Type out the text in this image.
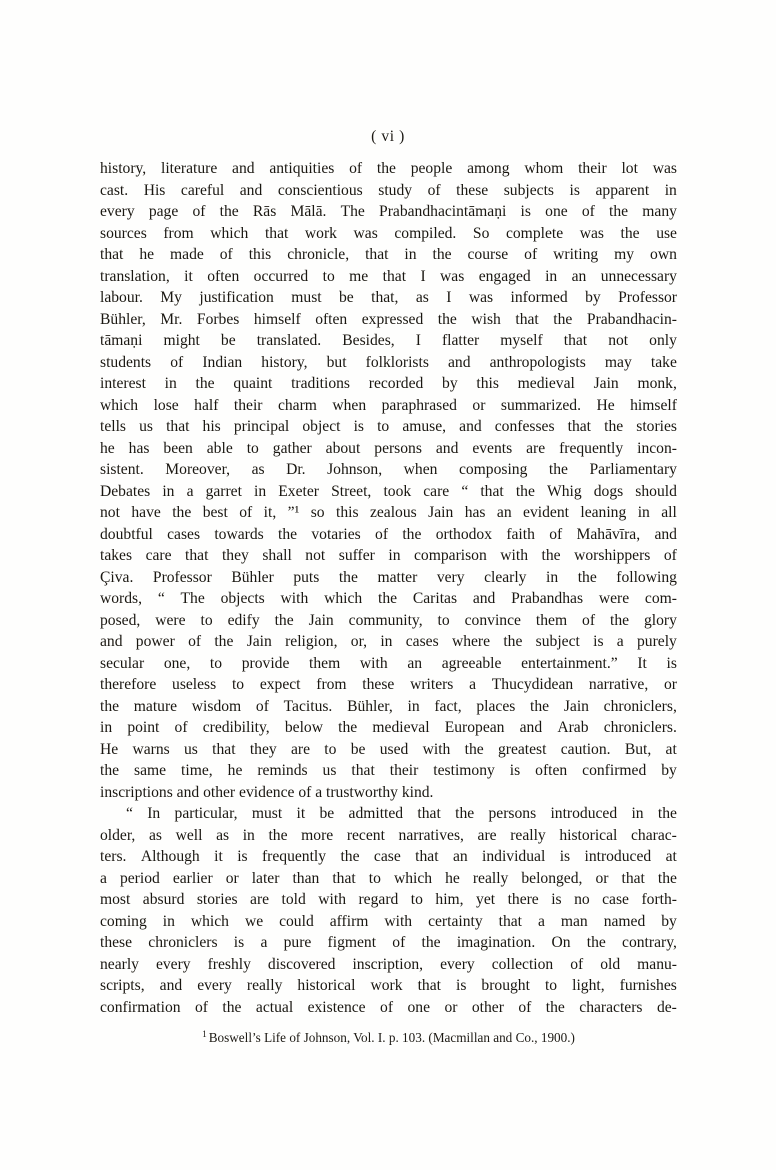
( vi )
history, literature and antiquities of the people among whom their lot was
cast. His careful and conscientious study of these subjects is apparent in
every page of the Rās Mālā. The Prabandhacintāmaṇi is one of the many
sources from which that work was compiled. So complete was the use
that he made of this chronicle, that in the course of writing my own
translation, it often occurred to me that I was engaged in an unnecessary
labour. My justification must be that, as I was informed by Professor
Bühler, Mr. Forbes himself often expressed the wish that the Prabandhacin-
tāmaṇi might be translated. Besides, I flatter myself that not only
students of Indian history, but folklorists and anthropologists may take
interest in the quaint traditions recorded by this medieval Jain monk,
which lose half their charm when paraphrased or summarized. He himself
tells us that his principal object is to amuse, and confesses that the stories
he has been able to gather about persons and events are frequently incon-
sistent. Moreover, as Dr. Johnson, when composing the Parliamentary
Debates in a garret in Exeter Street, took care “ that the Whig dogs should
not have the best of it, ”¹ so this zealous Jain has an evident leaning in all
doubtful cases towards the votaries of the orthodox faith of Mahāvīra, and
takes care that they shall not suffer in comparison with the worshippers of
Çiva. Professor Bühler puts the matter very clearly in the following
words, “ The objects with which the Caritas and Prabandhas were com-
posed, were to edify the Jain community, to convince them of the glory
and power of the Jain religion, or, in cases where the subject is a purely
secular one, to provide them with an agreeable entertainment.” It is
therefore useless to expect from these writers a Thucydidean narrative, or
the mature wisdom of Tacitus. Bühler, in fact, places the Jain chroniclers,
in point of credibility, below the medieval European and Arab chroniclers.
He warns us that they are to be used with the greatest caution. But, at
the same time, he reminds us that their testimony is often confirmed by
inscriptions and other evidence of a trustworthy kind.
“ In particular, must it be admitted that the persons introduced in the
older, as well as in the more recent narratives, are really historical charac-
ters. Although it is frequently the case that an individual is introduced at
a period earlier or later than that to which he really belonged, or that the
most absurd stories are told with regard to him, yet there is no case forth-
coming in which we could affirm with certainty that a man named by
these chroniclers is a pure figment of the imagination. On the contrary,
nearly every freshly discovered inscription, every collection of old manu-
scripts, and every really historical work that is brought to light, furnishes
confirmation of the actual existence of one or other of the characters de-
$^1$ Boswell’s Life of Johnson, Vol. I. p. 103. (Macmillan and Co., 1900.)
